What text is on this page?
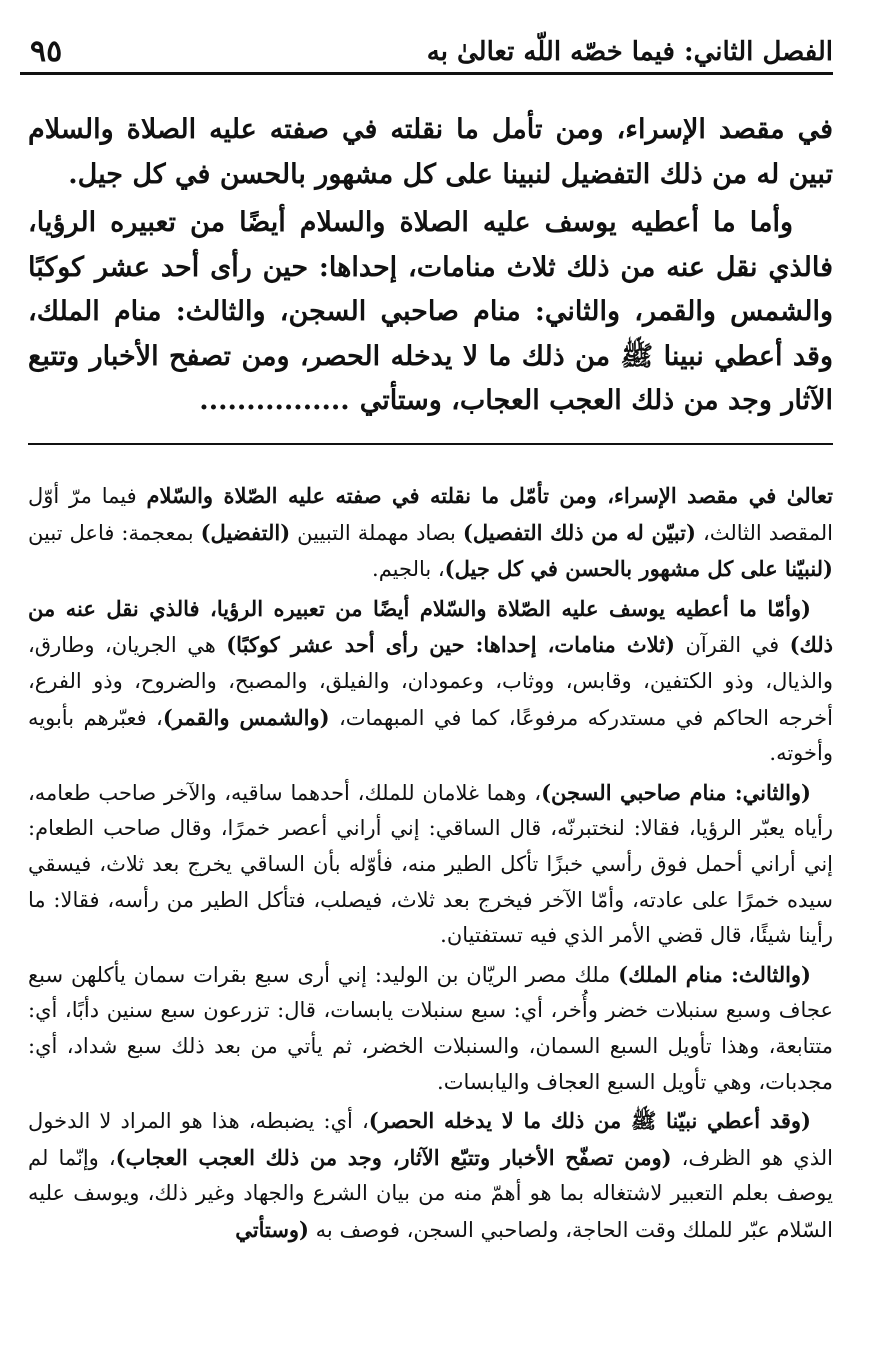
الفصل الثاني: فيما خصّه اللّه تعالىٰ به
٩٥

في مقصد الإسراء، ومن تأمل ما نقلته في صفته عليه الصلاة والسلام تبين له من ذلك التفضيل لنبينا على كل مشهور بالحسن في كل جيل.

وأما ما أعطيه يوسف عليه الصلاة والسلام أيضًا من تعبيره الرؤيا، فالذي نقل عنه من ذلك ثلاث منامات، إحداها: حين رأى أحد عشر كوكبًا والشمس والقمر، والثاني: منام صاحبي السجن، والثالث: منام الملك، وقد أعطي نبينا ﷺ من ذلك ما لا يدخله الحصر، ومن تصفح الأخبار وتتبع الآثار وجد من ذلك العجب العجاب، وستأتي................

تعالىٰ في مقصد الإسراء، ومن تأمّل ما نقلته في صفته عليه الصّلاة والسّلام فيما مرّ أوّل المقصد الثالث، (تبيّن له من ذلك التفصيل) بصاد مهملة التبيين (التفضيل) بمعجمة: فاعل تبين (لنبيّنا على كل مشهور بالحسن في كل جيل)، بالجيم.

(وأمّا ما أعطيه يوسف عليه الصّلاة والسّلام أيضًا من تعبيره الرؤيا، فالذي نقل عنه من ذلك) في القرآن (ثلاث منامات، إحداها: حين رأى أحد عشر كوكبًا) هي الجريان، وطارق، والذيال، وذو الكتفين، وقابس، ووثاب، وعمودان، والفيلق، والمصبح، والضروح، وذو الفرع، أخرجه الحاكم في مستدركه مرفوعًا، كما في المبهمات، (والشمس والقمر)، فعبّرهم بأبويه وأخوته.

(والثاني: منام صاحبي السجن)، وهما غلامان للملك، أحدهما ساقيه، والآخر صاحب طعامه، رأياه يعبّر الرؤيا، فقالا: لنختبرنّه، قال الساقي: إني أراني أعصر خمرًا، وقال صاحب الطعام: إني أراني أحمل فوق رأسي خبزًا تأكل الطير منه، فأوّله بأن الساقي يخرج بعد ثلاث، فيسقي سيده خمرًا على عادته، وأمّا الآخر فيخرج بعد ثلاث، فيصلب، فتأكل الطير من رأسه، فقالا: ما رأينا شيئًا، قال قضي الأمر الذي فيه تستفتيان.

(والثالث: منام الملك) ملك مصر الريّان بن الوليد: إني أرى سبع بقرات سمان يأكلهن سبع عجاف وسبع سنبلات خضر وأُخر، أي: سبع سنبلات يابسات، قال: تزرعون سبع سنين دأبًا، أي: متتابعة، وهذا تأويل السبع السمان، والسنبلات الخضر، ثم يأتي من بعد ذلك سبع شداد، أي: مجدبات، وهي تأويل السبع العجاف واليابسات.

(وقد أعطي نبيّنا ﷺ من ذلك ما لا يدخله الحصر)، أي: يضبطه، هذا هو المراد لا الدخول الذي هو الظرف، (ومن تصفّح الأخبار وتتبّع الآثار، وجد من ذلك العجب العجاب)، وإنّما لم يوصف بعلم التعبير لاشتغاله بما هو أهمّ منه من بيان الشرع والجهاد وغير ذلك، ويوسف عليه السّلام عبّر للملك وقت الحاجة، ولصاحبي السجن، فوصف به (وستأتي
